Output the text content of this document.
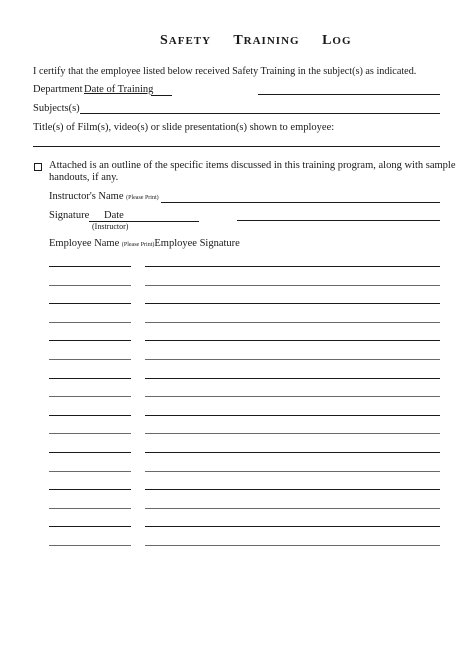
SAFETY TRAINING LOG
I certify that the employee listed below received Safety Training in the subject(s) as indicated.
Department Date of Training
Subjects(s)
Title(s) of Film(s), video(s) or slide presentation(s) shown to employee:
Attached is an outline of the specific items discussed in this training program, along with sample
handouts, if any.
Instructor's Name (Please Print)
Signature Date
(Instructor)
Employee Name (Please Print)Employee Signature
